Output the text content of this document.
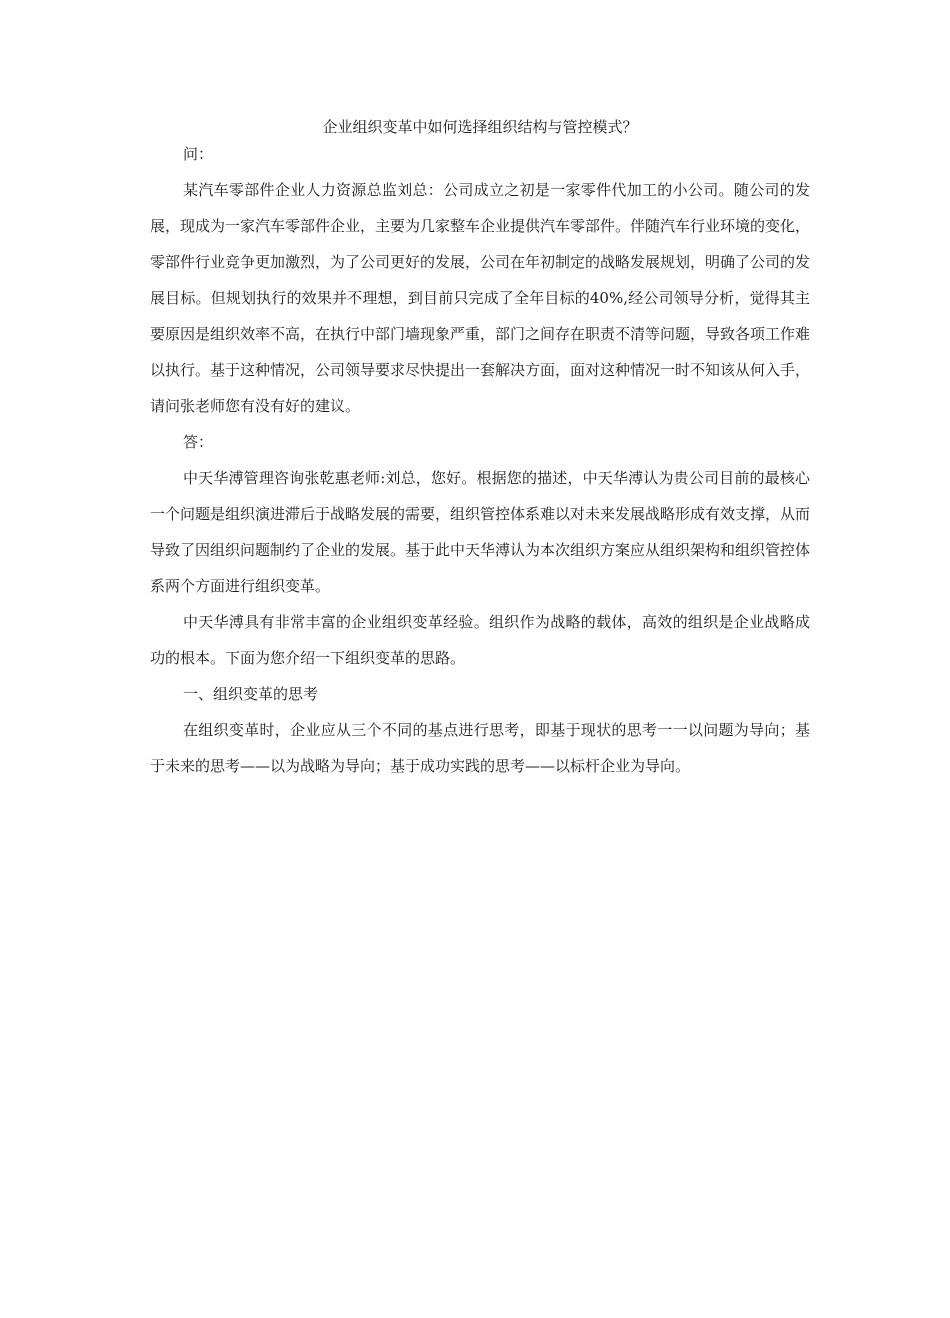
企业组织变革中如何选择组织结构与管控模式？

问：

某汽车零部件企业人力资源总监刘总：公司成立之初是一家零件代加工的小公司。随公司的发展，现成为一家汽车零部件企业，主要为几家整车企业提供汽车零部件。伴随汽车行业环境的变化，零部件行业竞争更加激烈，为了公司更好的发展，公司在年初制定的战略发展规划，明确了公司的发展目标。但规划执行的效果并不理想，到目前只完成了全年目标的40%,经公司领导分析，觉得其主要原因是组织效率不高，在执行中部门墙现象严重，部门之间存在职责不清等问题，导致各项工作难以执行。基于这种情况，公司领导要求尽快提出一套解决方面，面对这种情况一时不知该从何入手，请问张老师您有没有好的建议。

答：

中天华溥管理咨询张乾惠老师:刘总，您好。根据您的描述，中天华溥认为贵公司目前的最核心一个问题是组织演进滞后于战略发展的需要，组织管控体系难以对未来发展战略形成有效支撑，从而导致了因组织问题制约了企业的发展。基于此中天华溥认为本次组织方案应从组织架构和组织管控体系两个方面进行组织变革。

中天华溥具有非常丰富的企业组织变革经验。组织作为战略的载体，高效的组织是企业战略成功的根本。下面为您介绍一下组织变革的思路。

一、组织变革的思考

在组织变革时，企业应从三个不同的基点进行思考，即基于现状的思考一一以问题为导向；基于未来的思考——以为战略为导向；基于成功实践的思考——以标杆企业为导向。
